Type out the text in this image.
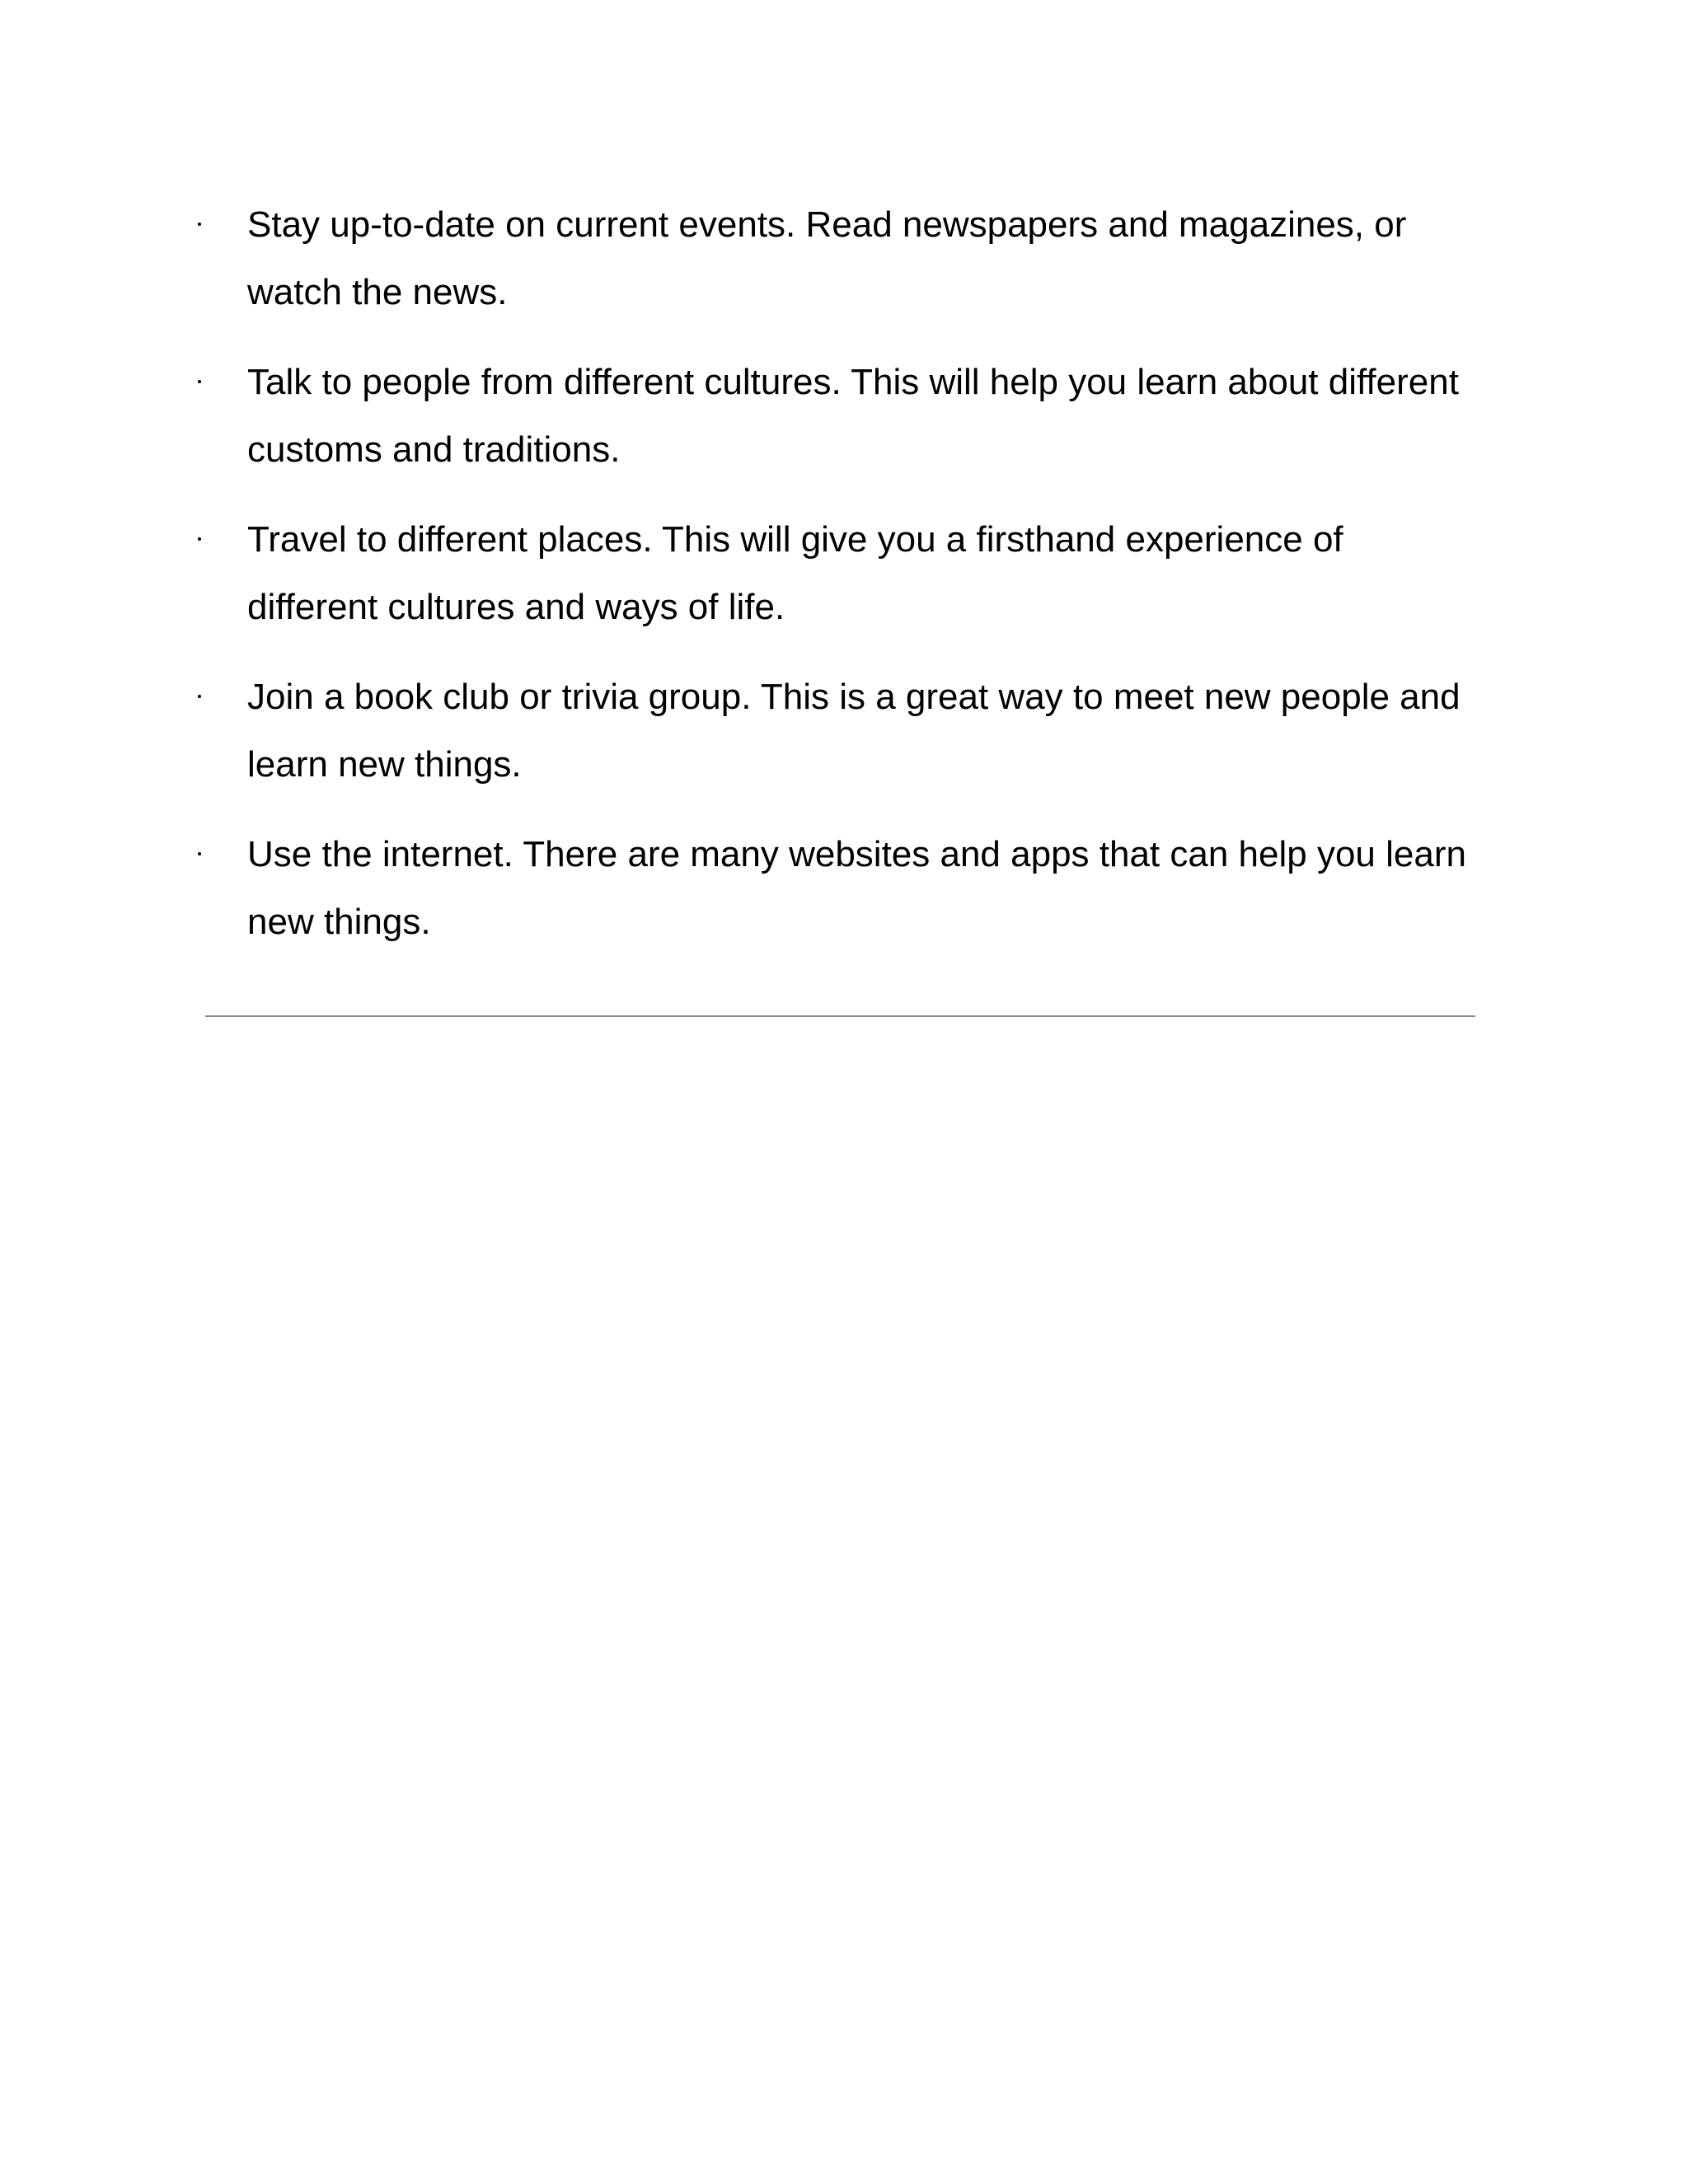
Stay up-to-date on current events. Read newspapers and magazines, or watch the news.
Talk to people from different cultures. This will help you learn about different customs and traditions.
Travel to different places. This will give you a firsthand experience of different cultures and ways of life.
Join a book club or trivia group. This is a great way to meet new people and learn new things.
Use the internet. There are many websites and apps that can help you learn new things.
